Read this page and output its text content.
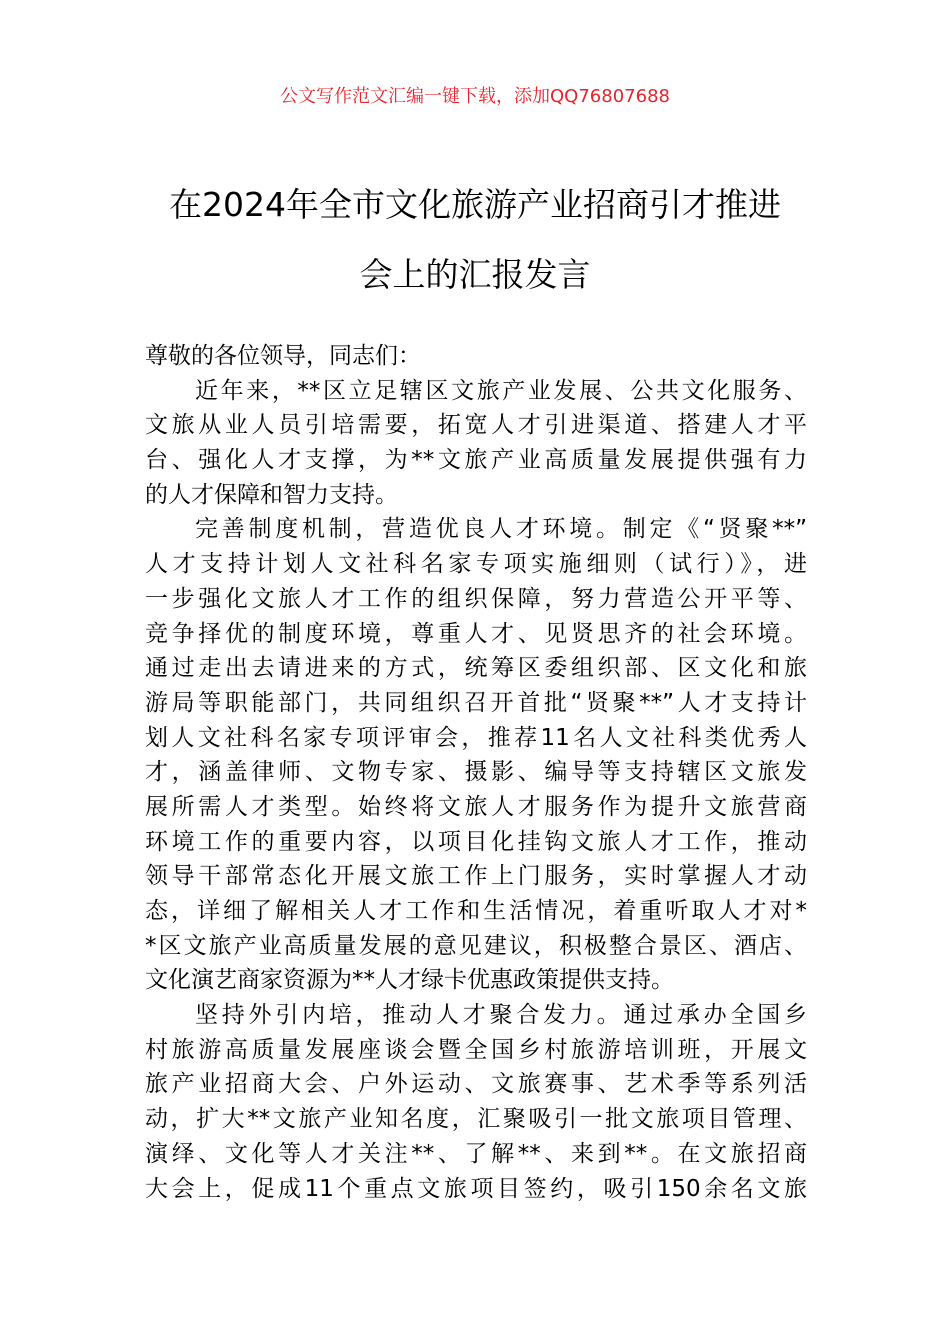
公文写作范文汇编一键下载，添加QQ76807688
在2024年全市文化旅游产业招商引才推进
会上的汇报发言
尊敬的各位领导，同志们：
近年来，**区立足辖区文旅产业发展、公共文化服务、
文旅从业人员引培需要，拓宽人才引进渠道、搭建人才平
台、强化人才支撑，为**文旅产业高质量发展提供强有力
的人才保障和智力支持。
完善制度机制，营造优良人才环境。制定《“贤聚**”
人才支持计划人文社科名家专项实施细则（试行）》，进
一步强化文旅人才工作的组织保障，努力营造公开平等、
竞争择优的制度环境，尊重人才、见贤思齐的社会环境。
通过走出去请进来的方式，统筹区委组织部、区文化和旅
游局等职能部门，共同组织召开首批“贤聚**”人才支持计
划人文社科名家专项评审会，推荐11名人文社科类优秀人
才，涵盖律师、文物专家、摄影、编导等支持辖区文旅发
展所需人才类型。始终将文旅人才服务作为提升文旅营商
环境工作的重要内容，以项目化挂钩文旅人才工作，推动
领导干部常态化开展文旅工作上门服务，实时掌握人才动
态，详细了解相关人才工作和生活情况，着重听取人才对*
*区文旅产业高质量发展的意见建议，积极整合景区、酒店、
文化演艺商家资源为**人才绿卡优惠政策提供支持。
坚持外引内培，推动人才聚合发力。通过承办全国乡
村旅游高质量发展座谈会暨全国乡村旅游培训班，开展文
旅产业招商大会、户外运动、文旅赛事、艺术季等系列活
动，扩大**文旅产业知名度，汇聚吸引一批文旅项目管理、
演绎、文化等人才关注**、了解**、来到**。在文旅招商
大会上，促成11个重点文旅项目签约，吸引150余名文旅
